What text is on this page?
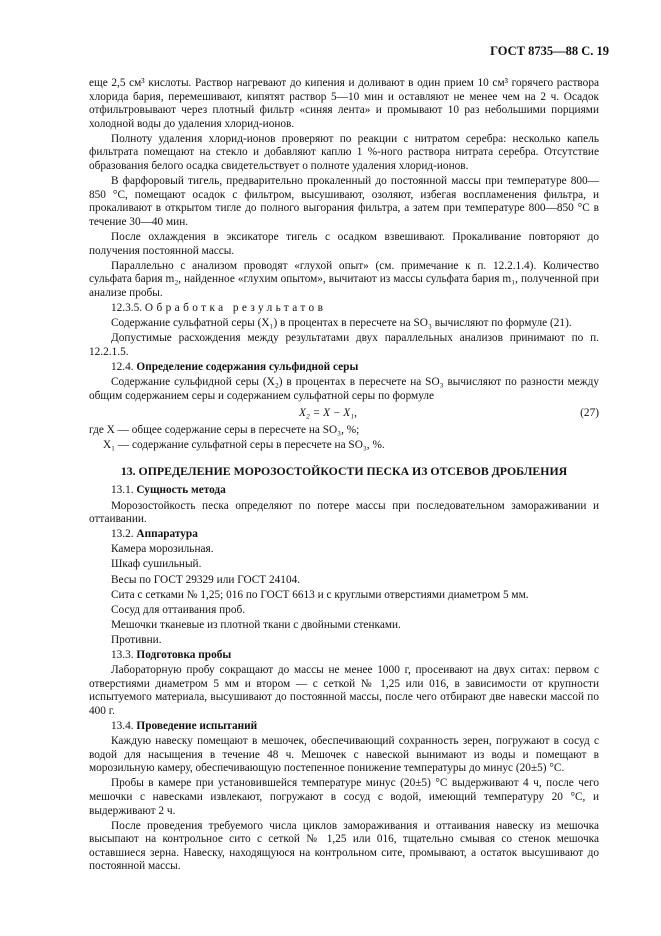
ГОСТ 8735—88 С. 19

еще 2,5 см³ кислоты. Раствор нагревают до кипения и доливают в один прием 10 см³ горячего раствора хлорида бария, перемешивают, кипятят раствор 5—10 мин и оставляют не менее чем на 2 ч. Осадок отфильтровывают через плотный фильтр «синяя лента» и промывают 10 раз небольшими порциями холодной воды до удаления хлорид-ионов.

Полноту удаления хлорид-ионов проверяют по реакции с нитратом серебра: несколько капель фильтрата помещают на стекло и добавляют каплю 1 %-ного раствора нитрата серебра. Отсутствие образования белого осадка свидетельствует о полноте удаления хлорид-ионов.

В фарфоровый тигель, предварительно прокаленный до постоянной массы при температуре 800—850 °С, помещают осадок с фильтром, высушивают, озоляют, избегая воспламенения фильтра, и прокаливают в открытом тигле до полного выгорания фильтра, а затем при температуре 800—850 °С в течение 30—40 мин.

После охлаждения в эксикаторе тигель с осадком взвешивают. Прокаливание повторяют до получения постоянной массы.

Параллельно с анализом проводят «глухой опыт» (см. примечание к п. 12.2.1.4). Количество сульфата бария m₂, найденное «глухим опытом», вычитают из массы сульфата бария m₁, полученной при анализе пробы.

12.3.5. Обработка результатов

Содержание сульфатной серы (X₁) в процентах в пересчете на SO₃ вычисляют по формуле (21).

Допустимые расхождения между результатами двух параллельных анализов принимают по п. 12.2.1.5.

12.4. Определение содержания сульфидной серы

Содержание сульфидной серы (X₂) в процентах в пересчете на SO₃ вычисляют по разности между общим содержанием серы и содержанием сульфатной серы по формуле

X₂ = X − X₁,	(27)

где X — общее содержание серы в пересчете на SO₃, %;

X₁ — содержание сульфатной серы в пересчете на SO₃, %.

13. ОПРЕДЕЛЕНИЕ МОРОЗОСТОЙКОСТИ ПЕСКА ИЗ ОТСЕВОВ ДРОБЛЕНИЯ

13.1. Сущность метода

Морозостойкость песка определяют по потере массы при последовательном замораживании и оттаивании.

13.2. Аппаратура

Камера морозильная.

Шкаф сушильный.

Весы по ГОСТ 29329 или ГОСТ 24104.

Сита с сетками № 1,25; 016 по ГОСТ 6613 и с круглыми отверстиями диаметром 5 мм.

Сосуд для оттаивания проб.

Мешочки тканевые из плотной ткани с двойными стенками.

Противни.

13.3. Подготовка пробы

Лабораторную пробу сокращают до массы не менее 1000 г, просеивают на двух ситах: первом с отверстиями диаметром 5 мм и втором — с сеткой № 1,25 или 016, в зависимости от крупности испытуемого материала, высушивают до постоянной массы, после чего отбирают две навески массой по 400 г.

13.4. Проведение испытаний

Каждую навеску помещают в мешочек, обеспечивающий сохранность зерен, погружают в сосуд с водой для насыщения в течение 48 ч. Мешочек с навеской вынимают из воды и помещают в морозильную камеру, обеспечивающую постепенное понижение температуры до минус (20±5) °С.

Пробы в камере при установившейся температуре минус (20±5) °С выдерживают 4 ч, после чего мешочки с навесками извлекают, погружают в сосуд с водой, имеющий температуру 20 °С, и выдерживают 2 ч.

После проведения требуемого числа циклов замораживания и оттаивания навеску из мешочка высыпают на контрольное сито с сеткой № 1,25 или 016, тщательно смывая со стенок мешочка оставшиеся зерна. Навеску, находящуюся на контрольном сите, промывают, а остаток высушивают до постоянной массы.
